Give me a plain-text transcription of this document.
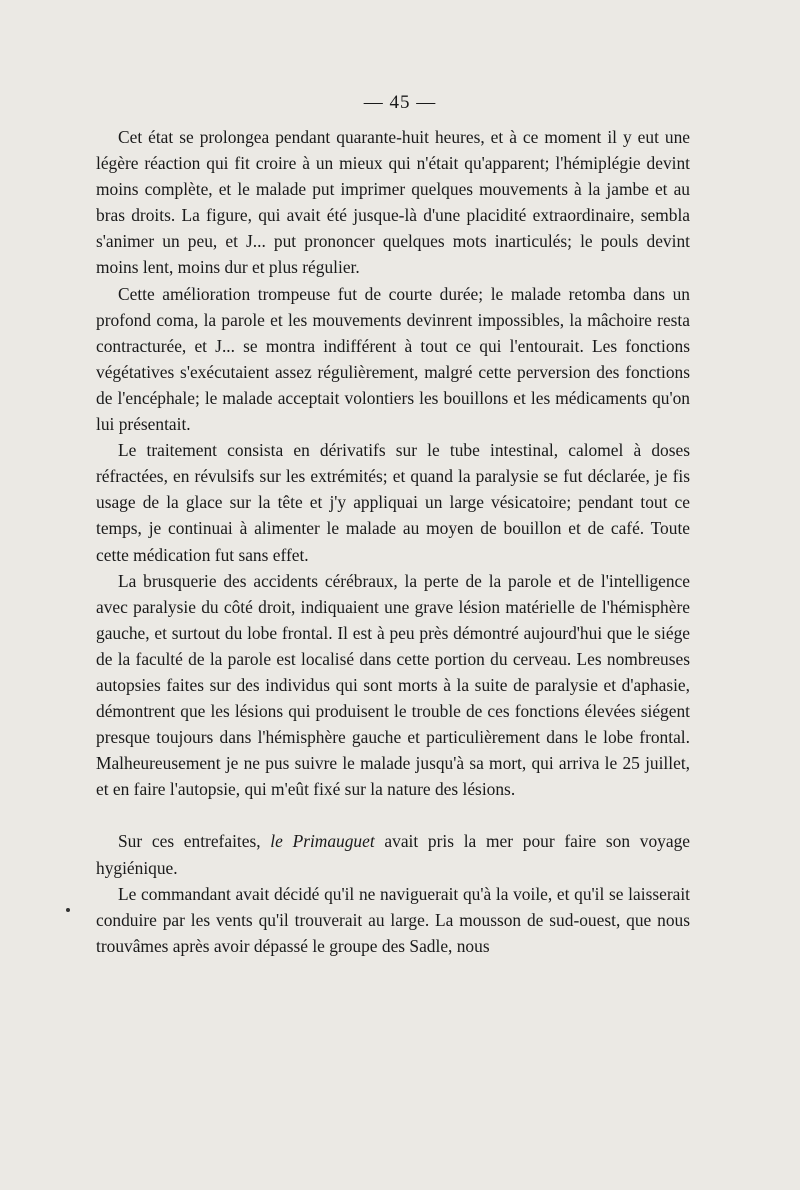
— 45 —

Cet état se prolongea pendant quarante-huit heures, et à ce moment il y eut une légère réaction qui fit croire à un mieux qui n'était qu'apparent; l'hémiplégie devint moins complète, et le malade put imprimer quelques mouvements à la jambe et au bras droits. La figure, qui avait été jusque-là d'une placidité extraordinaire, sembla s'animer un peu, et J... put prononcer quelques mots inarticulés; le pouls devint moins lent, moins dur et plus régulier.

Cette amélioration trompeuse fut de courte durée; le malade retomba dans un profond coma, la parole et les mouvements devinrent impossibles, la mâchoire resta contracturée, et J... se montra indifférent à tout ce qui l'entourait. Les fonctions végétatives s'exécutaient assez régulièrement, malgré cette perversion des fonctions de l'encéphale; le malade acceptait volontiers les bouillons et les médicaments qu'on lui présentait.

Le traitement consista en dérivatifs sur le tube intestinal, calomel à doses réfractées, en révulsifs sur les extrémités; et quand la paralysie se fut déclarée, je fis usage de la glace sur la tête et j'y appliquai un large vésicatoire; pendant tout ce temps, je continuai à alimenter le malade au moyen de bouillon et de café. Toute cette médication fut sans effet.

La brusquerie des accidents cérébraux, la perte de la parole et de l'intelligence avec paralysie du côté droit, indiquaient une grave lésion matérielle de l'hémisphère gauche, et surtout du lobe frontal. Il est à peu près démontré aujourd'hui que le siége de la faculté de la parole est localisé dans cette portion du cerveau. Les nombreuses autopsies faites sur des individus qui sont morts à la suite de paralysie et d'aphasie, démontrent que les lésions qui produisent le trouble de ces fonctions élevées siégent presque toujours dans l'hémisphère gauche et particulièrement dans le lobe frontal. Malheureusement je ne pus suivre le malade jusqu'à sa mort, qui arriva le 25 juillet, et en faire l'autopsie, qui m'eût fixé sur la nature des lésions.

Sur ces entrefaites, le Primauguet avait pris la mer pour faire son voyage hygiénique.

Le commandant avait décidé qu'il ne naviguerait qu'à la voile, et qu'il se laisserait conduire par les vents qu'il trouverait au large. La mousson de sud-ouest, que nous trouvâmes après avoir dépassé le groupe des Sadle, nous
